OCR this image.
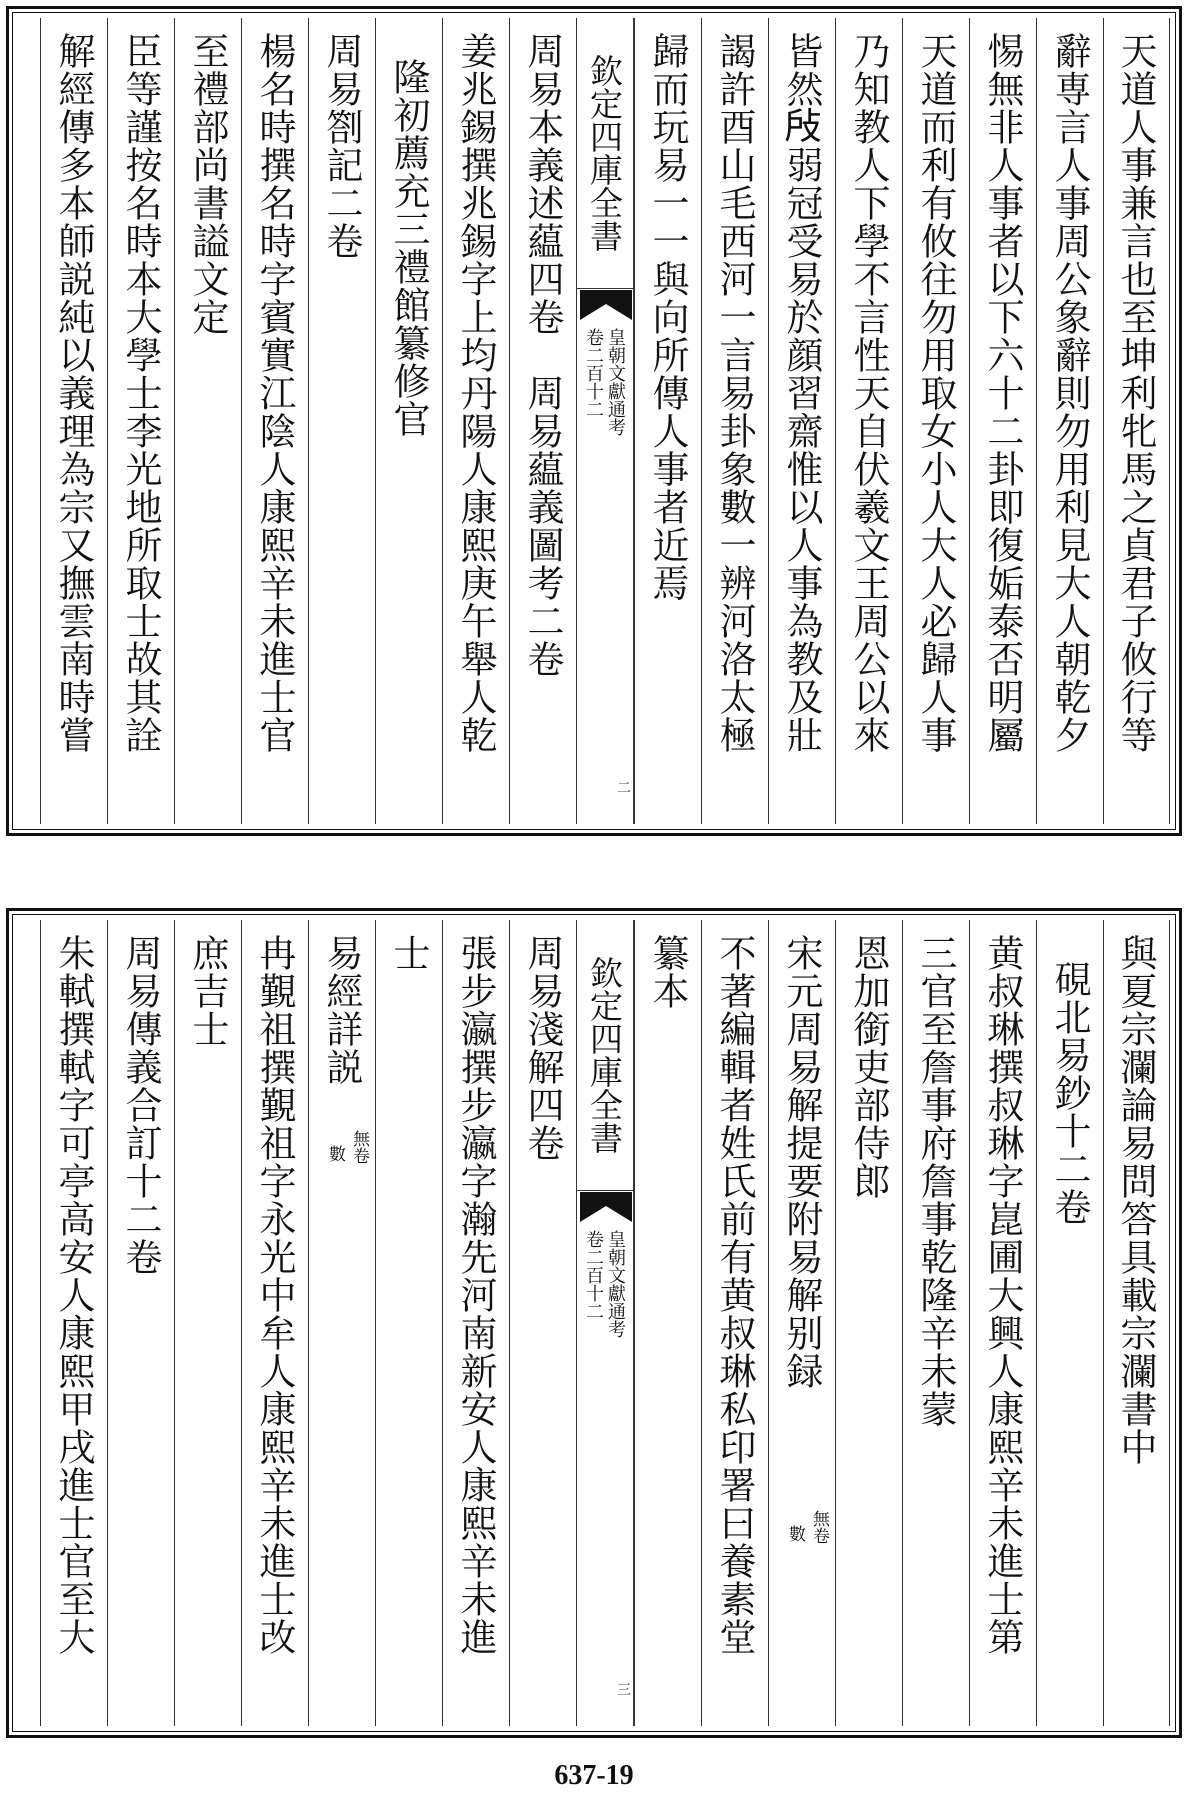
天道人事兼言也至坤利牝馬之貞君子攸行等
辭専言人事周公象辭則勿用利見大人朝乾夕
惕無非人事者以下六十二卦即復姤泰否明屬
天道而利有攸往勿用取女小人大人必歸人事
乃知教人下學不言性天自伏羲文王周公以來
皆然𢻻弱冠受易於顔習齋惟以人事為教及壯
謁許酉山毛西河一言易卦象數一辨河洛太極
歸而玩易一一與向所傳人事者近焉
欽定四庫全書
皇朝文獻通考
卷二百十二
二
周易本義述藴四卷　周易藴義圖考二卷
姜兆錫撰兆錫字上均丹陽人康熙庚午舉人乾
隆初薦充三禮館纂修官
周易劄記二卷
楊名時撰名時字賓實江陰人康熙辛未進士官
至禮部尚書謚文定
臣等謹按名時本大學士李光地所取士故其詮
解經傳多本師説純以義理為宗又撫雲南時嘗
與夏宗瀾論易問答具載宗瀾書中
硯北易鈔十二卷
黄叔琳撰叔琳字崑圃大興人康熙辛未進士第
三官至詹事府詹事乾隆辛未蒙
恩加銜吏部侍郎
宋元周易解提要附易解别録
無卷
數
不著編輯者姓氏前有黄叔琳私印署曰養素堂
纂本
欽定四庫全書
皇朝文獻通考
卷二百十二
三
周易淺解四卷
張步瀛撰步瀛字瀚先河南新安人康熙辛未進
士
易經詳説
無卷
數
冉覲祖撰覲祖字永光中牟人康熙辛未進士改
庶吉士
周易傳義合訂十二卷
朱軾撰軾字可亭高安人康熙甲戌進士官至大
637-19
